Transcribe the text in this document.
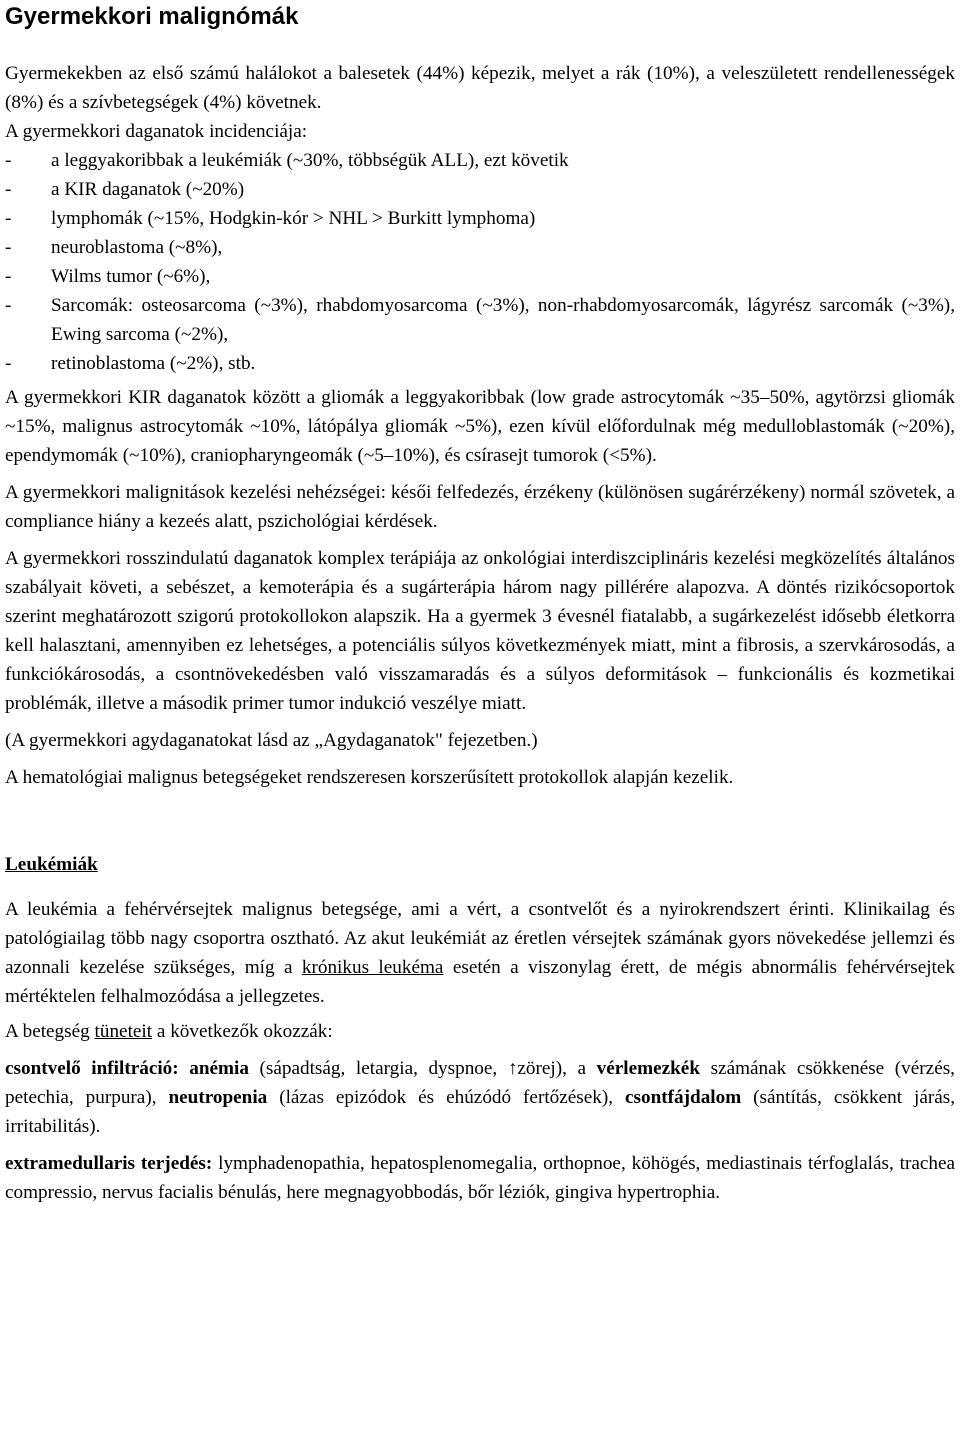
Gyermekkori malignómák

Gyermekekben az első számú halálokot a balesetek (44%) képezik, melyet a rák (10%), a veleszületett rendellenességek (8%) és a szívbetegségek (4%) követnek.

A gyermekkori daganatok incidenciája:

-	a leggyakoribbak a leukémiák (~30%, többségük ALL), ezt követik
-	a KIR daganatok (~20%)
-	lymphomák (~15%, Hodgkin-kór > NHL > Burkitt lymphoma)
-	neuroblastoma (~8%),
-	Wilms tumor (~6%),
-	Sarcomák: osteosarcoma (~3%), rhabdomyosarcoma (~3%), non-rhabdomyosarcomák, lágyrész sarcomák (~3%), Ewing sarcoma (~2%),
-	retinoblastoma (~2%), stb.

A gyermekkori KIR daganatok között a gliomák a leggyakoribbak (low grade astrocytomák ~35–50%, agytörzsi gliomák ~15%, malignus astrocytomák ~10%, látópálya gliomák ~5%), ezen kívül előfordulnak még medulloblastomák (~20%), ependymomák (~10%), craniopharyngeomák (~5–10%), és csírasejt tumorok (<5%).

A gyermekkori malignitások kezelési nehézségei: késői felfedezés, érzékeny (különösen sugárérzékeny) normál szövetek, a compliance hiány a kezeés alatt, pszichológiai kérdések.

A gyermekkori rosszindulatú daganatok komplex terápiája az onkológiai interdiszciplináris kezelési megközelítés általános szabályait követi, a sebészet, a kemoterápia és a sugárterápia három nagy pillérére alapozva. A döntés rizikócsoportok szerint meghatározott szigorú protokollokon alapszik. Ha a gyermek 3 évesnél fiatalabb, a sugárkezelést idősebb életkorra kell halasztani, amennyiben ez lehetséges, a potenciális súlyos következmények miatt, mint a fibrosis, a szervkárosodás, a funkciókárosodás, a csontnövekedésben való visszamaradás és a súlyos deformitások – funkcionális és kozmetikai problémák, illetve a második primer tumor indukció veszélye miatt.

(A gyermekkori agydaganatokat lásd az „Agydaganatok" fejezetben.)

A hematológiai malignus betegségeket rendszeresen korszerűsített protokollok alapján kezelik.

Leukémiák

A leukémia a fehérvérsejtek malignus betegsége, ami a vért, a csontvelőt és a nyirokrendszert érinti. Klinikailag és patológiailag több nagy csoportra osztható. Az akut leukémiát az éretlen vérsejtek számának gyors növekedése jellemzi és azonnali kezelése szükséges, míg a krónikus leukéma esetén a viszonylag érett, de mégis abnormális fehérvérsejtek mértéktelen felhalmozódása a jellegzetes.

A betegség tüneteit a következők okozzák:

csontvelő infiltráció: anémia (sápadtság, letargia, dyspnoe, ↑zörej), a vérlemezkék számának csökkenése (vérzés, petechia, purpura), neutropenia (lázas epizódok és ehúzódó fertőzések), csontfájdalom (sántítás, csökkent járás, irritabilitás).

extramedullaris terjedés: lymphadenopathia, hepatosplenomegalia, orthopnoe, köhögés, mediastinais térfoglalás, trachea compressio, nervus facialis bénulás, here megnagyobbodás, bőr léziók, gingiva hypertrophia.
